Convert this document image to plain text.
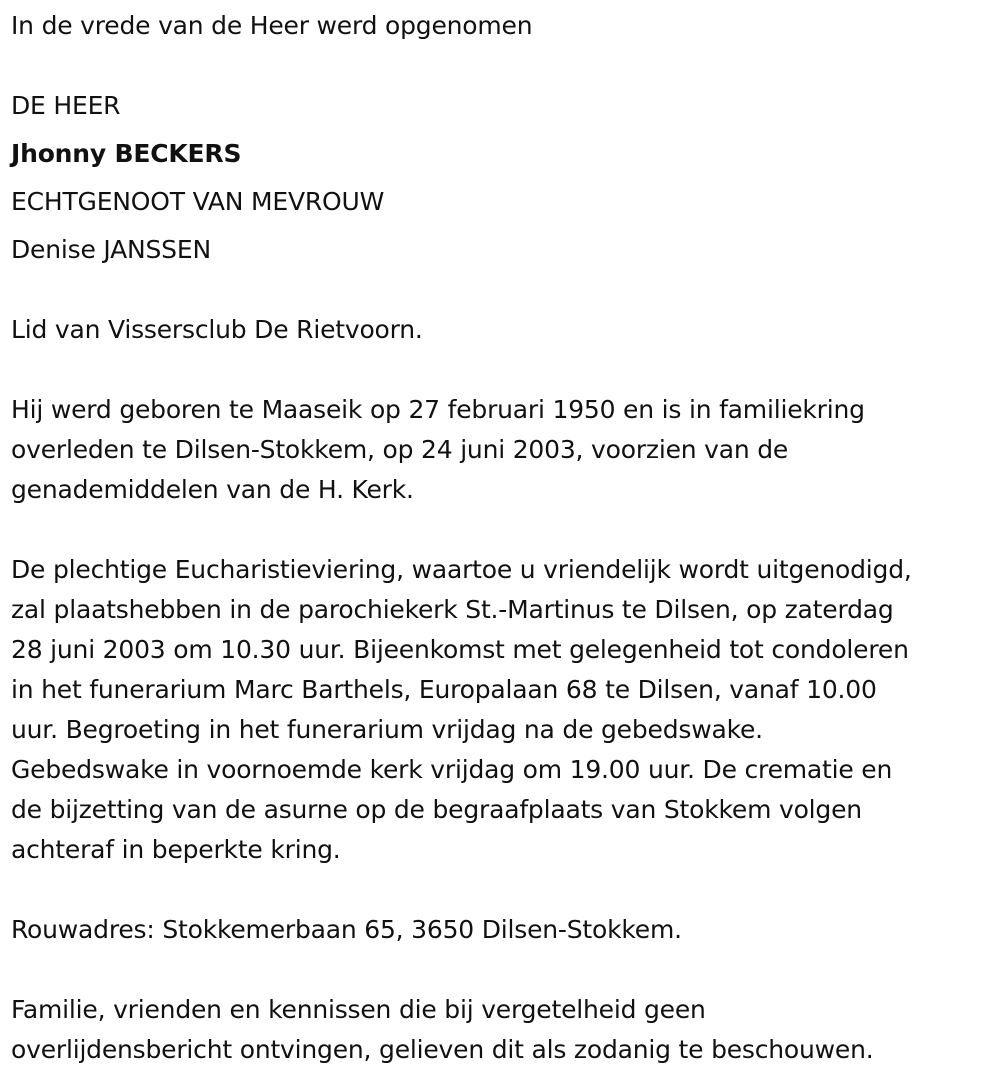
In de vrede van de Heer werd opgenomen
DE HEER
Jhonny BECKERS
ECHTGENOOT VAN MEVROUW
Denise JANSSEN
Lid van Vissersclub De Rietvoorn.
Hij werd geboren te Maaseik op 27 februari 1950 en is in familiekring
overleden te Dilsen-Stokkem, op 24 juni 2003, voorzien van de
genademiddelen van de H. Kerk.
De plechtige Eucharistieviering, waartoe u vriendelijk wordt uitgenodigd,
zal plaatshebben in de parochiekerk St.-Martinus te Dilsen, op zaterdag
28 juni 2003 om 10.30 uur. Bijeenkomst met gelegenheid tot condoleren
in het funerarium Marc Barthels, Europalaan 68 te Dilsen, vanaf 10.00
uur. Begroeting in het funerarium vrijdag na de gebedswake.
Gebedswake in voornoemde kerk vrijdag om 19.00 uur. De crematie en
de bijzetting van de asurne op de begraafplaats van Stokkem volgen
achteraf in beperkte kring.
Rouwadres: Stokkemerbaan 65, 3650 Dilsen-Stokkem.
Familie, vrienden en kennissen die bij vergetelheid geen
overlijdensbericht ontvingen, gelieven dit als zodanig te beschouwen.
